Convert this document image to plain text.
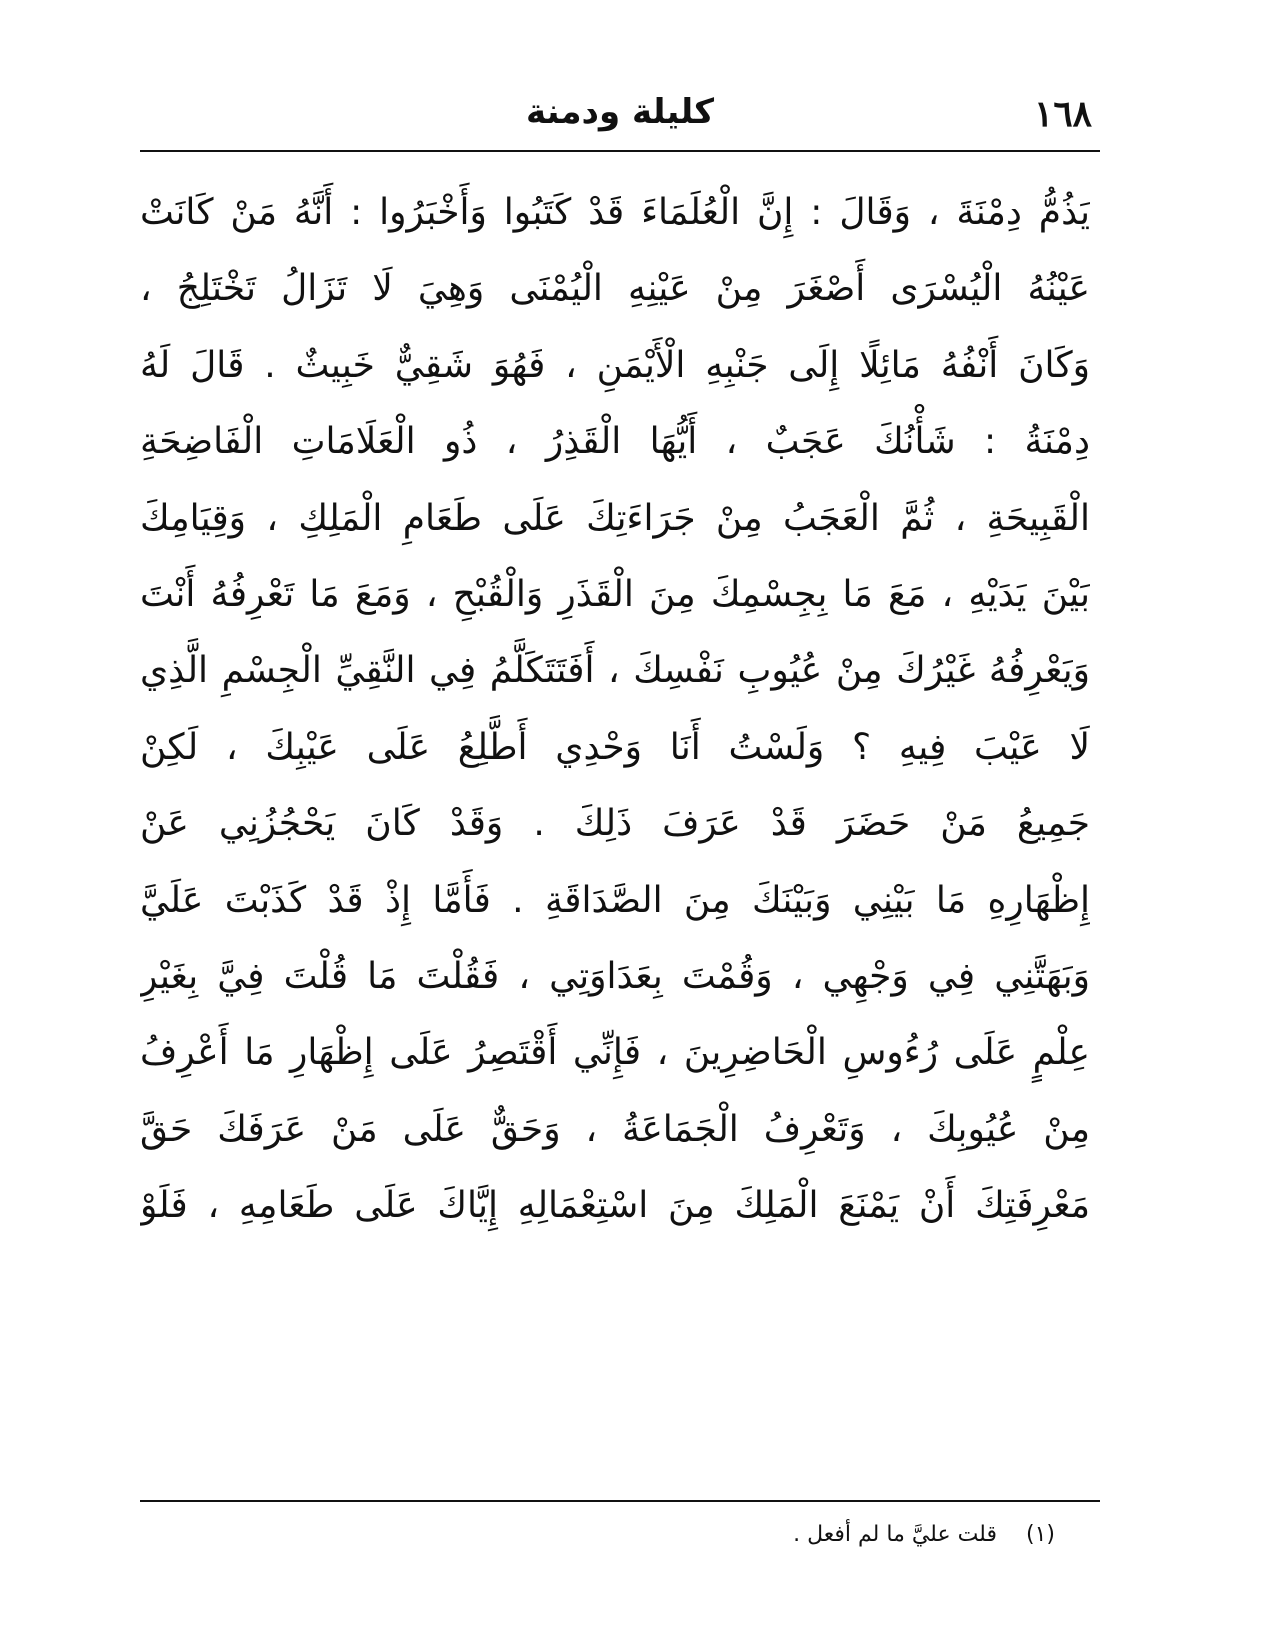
١٦٨
كليلة ودمنة
يَذُمُّ دِمْنَةَ ، وَقَالَ : إِنَّ الْعُلَمَاءَ قَدْ كَتَبُوا وَأَخْبَرُوا : أَنَّهُ مَنْ كَانَتْ
عَيْنُهُ الْيُسْرَى أَصْغَرَ مِنْ عَيْنِهِ الْيُمْنَى وَهِيَ لَا تَزَالُ تَخْتَلِجُ ،
وَكَانَ أَنْفُهُ مَائِلًا إِلَى جَنْبِهِ الْأَيْمَنِ ، فَهُوَ شَقِيٌّ خَبِيثٌ . قَالَ لَهُ
دِمْنَةُ : شَأْنُكَ عَجَبٌ ، أَيُّهَا الْقَذِرُ ، ذُو الْعَلَامَاتِ الْفَاضِحَةِ
الْقَبِيحَةِ ، ثُمَّ الْعَجَبُ مِنْ جَرَاءَتِكَ عَلَى طَعَامِ الْمَلِكِ ، وَقِيَامِكَ
بَيْنَ يَدَيْهِ ، مَعَ مَا بِجِسْمِكَ مِنَ الْقَذَرِ وَالْقُبْحِ ، وَمَعَ مَا تَعْرِفُهُ أَنْتَ
وَيَعْرِفُهُ غَيْرُكَ مِنْ عُيُوبِ نَفْسِكَ ، أَفَتَتَكَلَّمُ فِي النَّقِيِّ الْجِسْمِ الَّذِي
لَا عَيْبَ فِيهِ ؟ وَلَسْتُ أَنَا وَحْدِي أَطَّلِعُ عَلَى عَيْبِكَ ، لَكِنْ
جَمِيعُ مَنْ حَضَرَ قَدْ عَرَفَ ذَلِكَ . وَقَدْ كَانَ يَحْجُزُنِي عَنْ
إِظْهَارِهِ مَا بَيْنِي وَبَيْنَكَ مِنَ الصَّدَاقَةِ . فَأَمَّا إِذْ قَدْ كَذَبْتَ عَلَيَّ
وَبَهَتَّنِي فِي وَجْهِي ، وَقُمْتَ بِعَدَاوَتِي ، فَقُلْتَ مَا قُلْتَ فِيَّ بِغَيْرِ
عِلْمٍ عَلَى رُءُوسِ الْحَاضِرِينَ ، فَإِنِّي أَقْتَصِرُ عَلَى إِظْهَارِ مَا أَعْرِفُ
مِنْ عُيُوبِكَ ، وَتَعْرِفُ الْجَمَاعَةُ ، وَحَقٌّ عَلَى مَنْ عَرَفَكَ حَقَّ
مَعْرِفَتِكَ أَنْ يَمْنَعَ الْمَلِكَ مِنَ اسْتِعْمَالِهِ إِيَّاكَ عَلَى طَعَامِهِ ، فَلَوْ
(١) قلت عليَّ ما لم أفعل .
